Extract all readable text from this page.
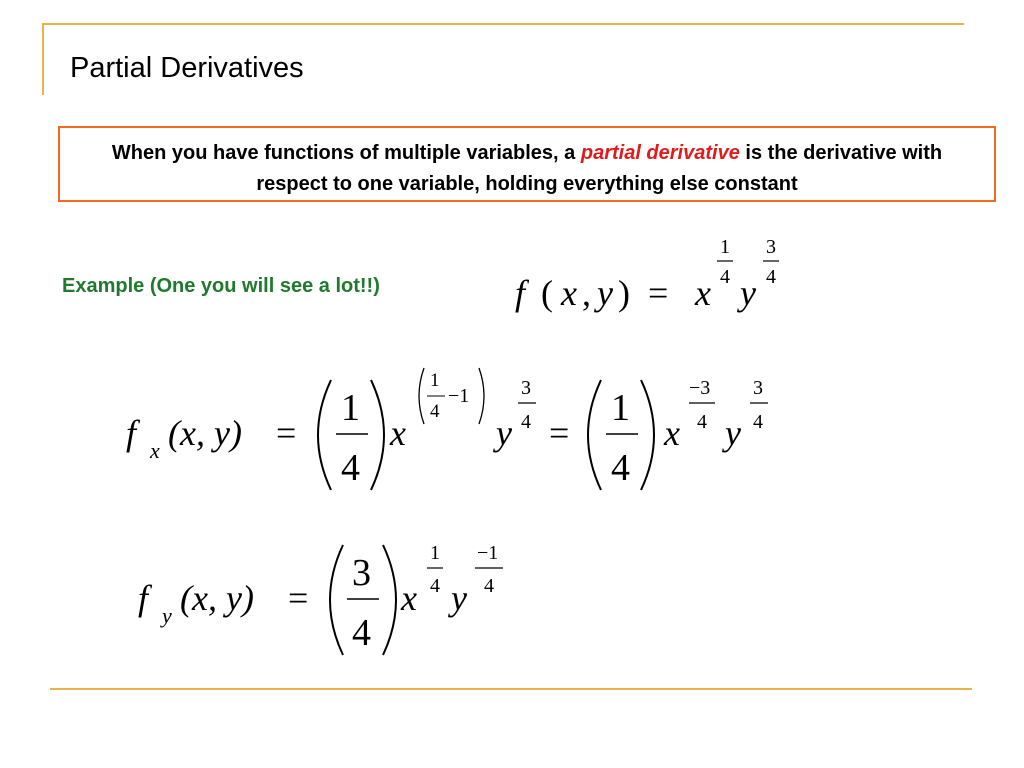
Partial Derivatives
When you have functions of multiple variables, a partial derivative is the derivative with respect to one variable, holding everything else constant
Example (One you will see a lot!!)	f ( x , y ) = x
1
4 y
3
4
f x (x, y) =
1
4
x
1
4
−1
y
3
4 =
1
4
x
−3
4 y
3
4
f y (x, y) =
3
4
x
1
4 y
−1
4
